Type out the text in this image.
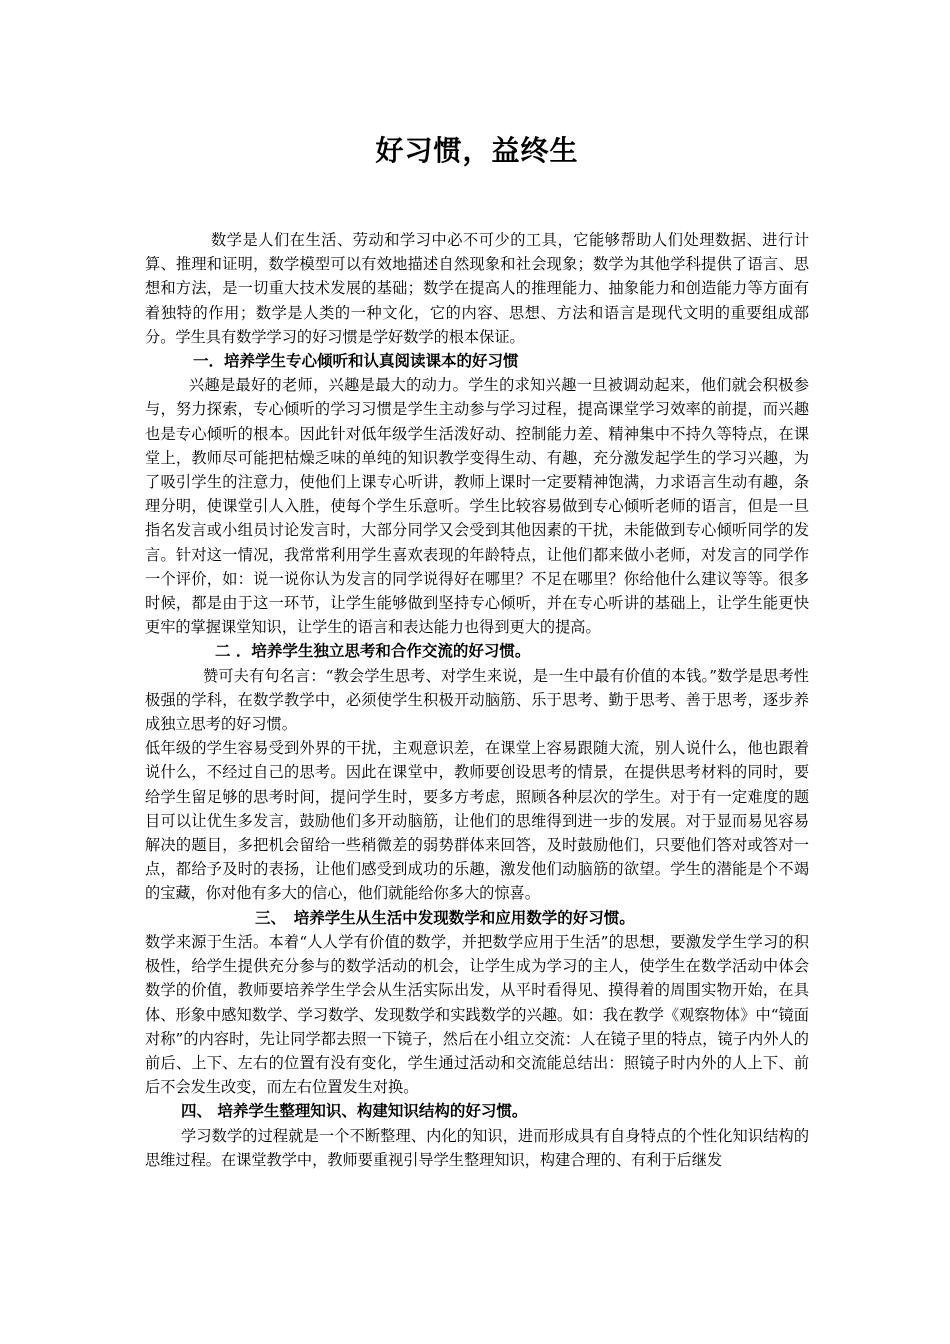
好习惯，益终生

数学是人们在生活、劳动和学习中必不可少的工具，它能够帮助人们处理数据、进行计算、推理和证明，数学模型可以有效地描述自然现象和社会现象；数学为其他学科提供了语言、思想和方法，是一切重大技术发展的基础；数学在提高人的推理能力、抽象能力和创造能力等方面有着独特的作用；数学是人类的一种文化，它的内容、思想、方法和语言是现代文明的重要组成部分。学生具有数学学习的好习惯是学好数学的根本保证。

一．培养学生专心倾听和认真阅读课本的好习惯

兴趣是最好的老师，兴趣是最大的动力。学生的求知兴趣一旦被调动起来，他们就会积极参与，努力探索，专心倾听的学习习惯是学生主动参与学习过程，提高课堂学习效率的前提，而兴趣也是专心倾听的根本。因此针对低年级学生活泼好动、控制能力差、精神集中不持久等特点，在课堂上，教师尽可能把枯燥乏味的单纯的知识教学变得生动、有趣，充分激发起学生的学习兴趣，为了吸引学生的注意力，使他们上课专心听讲，教师上课时一定要精神饱满，力求语言生动有趣，条理分明，使课堂引人入胜，使每个学生乐意听。学生比较容易做到专心倾听老师的语言，但是一旦指名发言或小组员讨论发言时，大部分同学又会受到其他因素的干扰，未能做到专心倾听同学的发言。针对这一情况，我常常利用学生喜欢表现的年龄特点，让他们都来做小老师，对发言的同学作一个评价，如：说一说你认为发言的同学说得好在哪里？不足在哪里？你给他什么建议等等。很多时候，都是由于这一环节，让学生能够做到坚持专心倾听，并在专心听讲的基础上，让学生能更快更牢的掌握课堂知识，让学生的语言和表达能力也得到更大的提高。

二 ．培养学生独立思考和合作交流的好习惯。

赞可夫有句名言：“教会学生思考、对学生来说，是一生中最有价值的本钱。”数学是思考性极强的学科，在数学教学中，必须使学生积极开动脑筋、乐于思考、勤于思考、善于思考，逐步养成独立思考的好习惯。

低年级的学生容易受到外界的干扰，主观意识差，在课堂上容易跟随大流，别人说什么，他也跟着说什么，不经过自己的思考。因此在课堂中，教师要创设思考的情景，在提供思考材料的同时，要给学生留足够的思考时间，提问学生时，要多方考虑，照顾各种层次的学生。对于有一定难度的题目可以让优生多发言，鼓励他们多开动脑筋，让他们的思维得到进一步的发展。对于显而易见容易解决的题目，多把机会留给一些稍微差的弱势群体来回答，及时鼓励他们，只要他们答对或答对一点，都给予及时的表扬，让他们感受到成功的乐趣，激发他们动脑筋的欲望。学生的潜能是个不竭的宝藏，你对他有多大的信心，他们就能给你多大的惊喜。

三、　培养学生从生活中发现数学和应用数学的好习惯。

数学来源于生活。本着“人人学有价值的数学，并把数学应用于生活”的思想，要激发学生学习的积极性，给学生提供充分参与的数学活动的机会，让学生成为学习的主人，使学生在数学活动中体会数学的价值，教师要培养学生学会从生活实际出发，从平时看得见、摸得着的周围实物开始，在具体、形象中感知数学、学习数学、发现数学和实践数学的兴趣。如：我在教学《观察物体》中“镜面对称”的内容时，先让同学都去照一下镜子，然后在小组立交流：人在镜子里的特点，镜子内外人的前后、上下、左右的位置有没有变化，学生通过活动和交流能总结出：照镜子时内外的人上下、前后不会发生改变，而左右位置发生对换。

四、 培养学生整理知识、构建知识结构的好习惯。

学习数学的过程就是一个不断整理、内化的知识，进而形成具有自身特点的个性化知识结构的思维过程。在课堂教学中，教师要重视引导学生整理知识，构建合理的、有利于后继发
